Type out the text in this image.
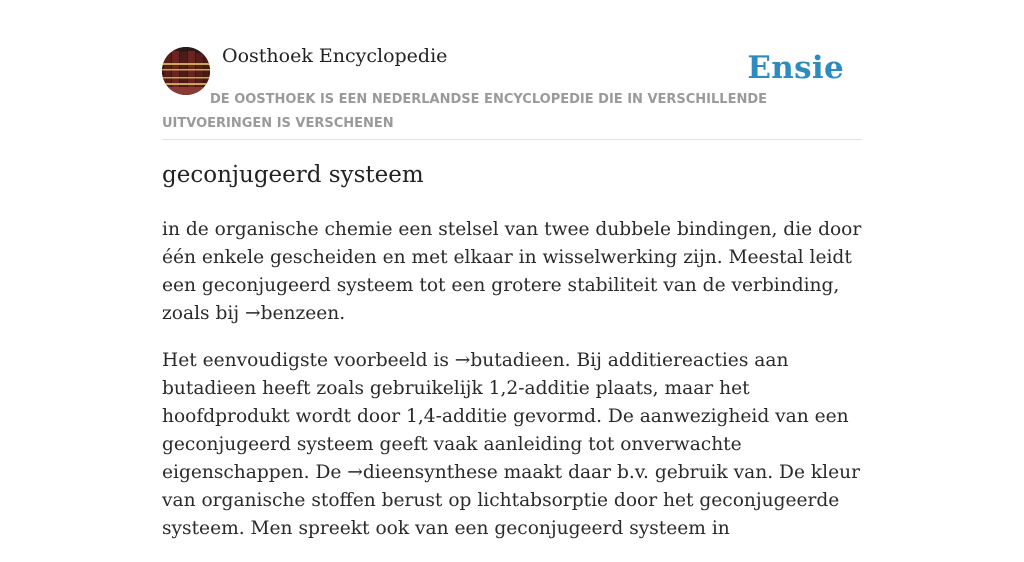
Oosthoek Encyclopedie	Ensie
DE OOSTHOEK IS EEN NEDERLANDSE ENCYCLOPEDIE DIE IN VERSCHILLENDE UITVOERINGEN IS VERSCHENEN
geconjugeerd systeem

in de organische chemie een stelsel van twee dubbele bindingen, die door één enkele gescheiden en met elkaar in wisselwerking zijn. Meestal leidt een geconjugeerd systeem tot een grotere stabiliteit van de verbinding, zoals bij →benzeen.

Het eenvoudigste voorbeeld is →butadieen. Bij additiereacties aan butadieen heeft zoals gebruikelijk 1,2-additie plaats, maar het hoofdprodukt wordt door 1,4-additie gevormd. De aanwezigheid van een geconjugeerd systeem geeft vaak aanleiding tot onverwachte eigenschappen. De →dieensynthese maakt daar b.v. gebruik van. De kleur van organische stoffen berust op lichtabsorptie door het geconjugeerde systeem. Men spreekt ook van een geconjugeerd systeem in
